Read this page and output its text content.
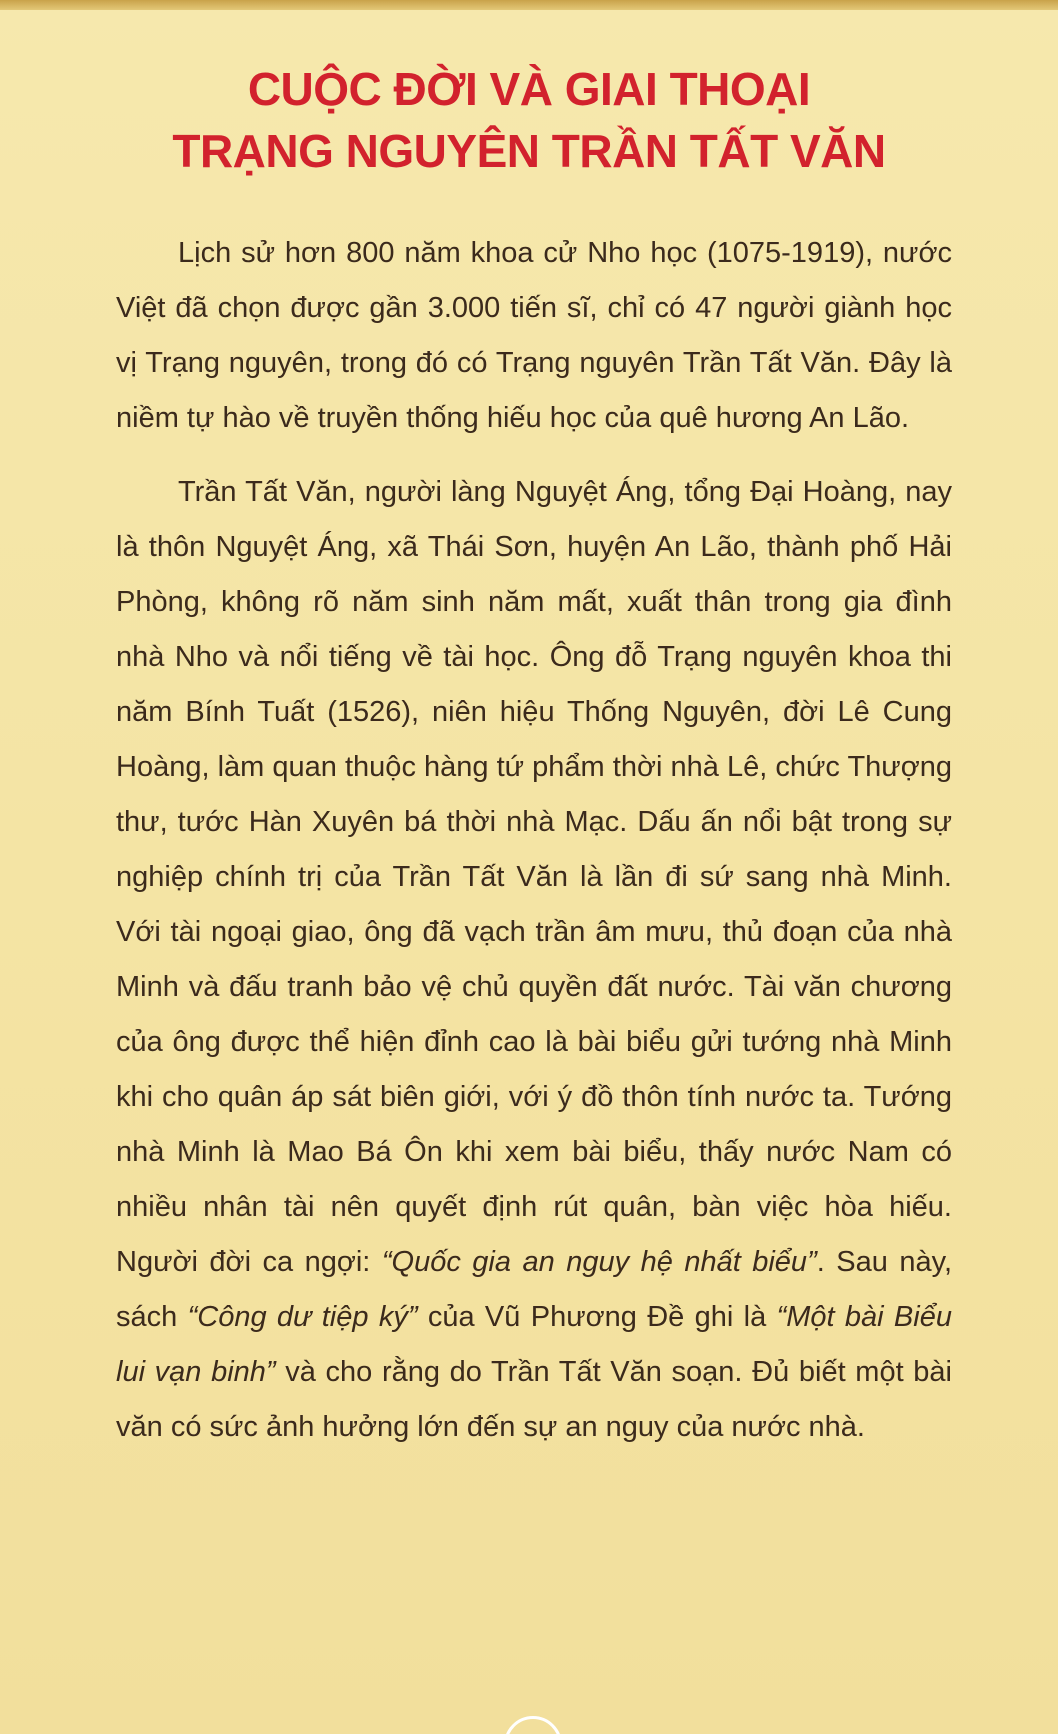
CUỘC ĐỜI VÀ GIAI THOẠI
TRẠNG NGUYÊN TRẦN TẤT VĂN

Lịch sử hơn 800 năm khoa cử Nho học (1075-1919), nước Việt đã chọn được gần 3.000 tiến sĩ, chỉ có 47 người giành học vị Trạng nguyên, trong đó có Trạng nguyên Trần Tất Văn. Đây là niềm tự hào về truyền thống hiếu học của quê hương An Lão.

Trần Tất Văn, người làng Nguyệt Áng, tổng Đại Hoàng, nay là thôn Nguyệt Áng, xã Thái Sơn, huyện An Lão, thành phố Hải Phòng, không rõ năm sinh năm mất, xuất thân trong gia đình nhà Nho và nổi tiếng về tài học. Ông đỗ Trạng nguyên khoa thi năm Bính Tuất (1526), niên hiệu Thống Nguyên, đời Lê Cung Hoàng, làm quan thuộc hàng tứ phẩm thời nhà Lê, chức Thượng thư, tước Hàn Xuyên bá thời nhà Mạc. Dấu ấn nổi bật trong sự nghiệp chính trị của Trần Tất Văn là lần đi sứ sang nhà Minh. Với tài ngoại giao, ông đã vạch trần âm mưu, thủ đoạn của nhà Minh và đấu tranh bảo vệ chủ quyền đất nước. Tài văn chương của ông được thể hiện đỉnh cao là bài biểu gửi tướng nhà Minh khi cho quân áp sát biên giới, với ý đồ thôn tính nước ta. Tướng nhà Minh là Mao Bá Ôn khi xem bài biểu, thấy nước Nam có nhiều nhân tài nên quyết định rút quân, bàn việc hòa hiếu. Người đời ca ngợi: “Quốc gia an nguy hệ nhất biểu”. Sau này, sách “Công dư tiệp ký” của Vũ Phương Đề ghi là “Một bài Biểu lui vạn binh” và cho rằng do Trần Tất Văn soạn. Đủ biết một bài văn có sức ảnh hưởng lớn đến sự an nguy của nước nhà.
